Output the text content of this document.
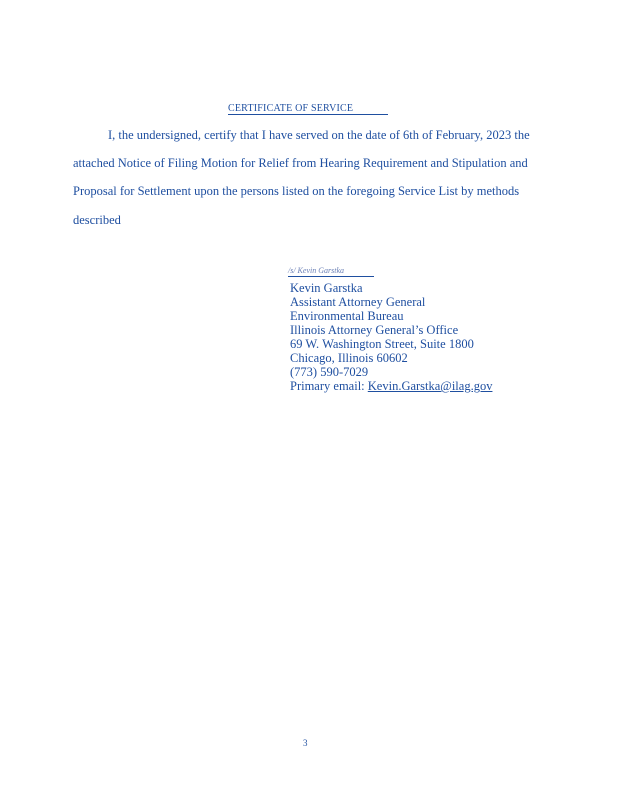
CERTIFICATE OF SERVICE
I, the undersigned, certify that I have served on the date of 6th of February, 2023 the
attached Notice of Filing Motion for Relief from Hearing Requirement and Stipulation and
Proposal for Settlement upon the persons listed on the foregoing Service List by methods
described
/s/ Kevin Garstka
Kevin Garstka
Assistant Attorney General
Environmental Bureau
Illinois Attorney General’s Office
69 W. Washington Street, Suite 1800
Chicago, Illinois 60602
(773) 590-7029
Primary email: Kevin.Garstka@ilag.gov
3
